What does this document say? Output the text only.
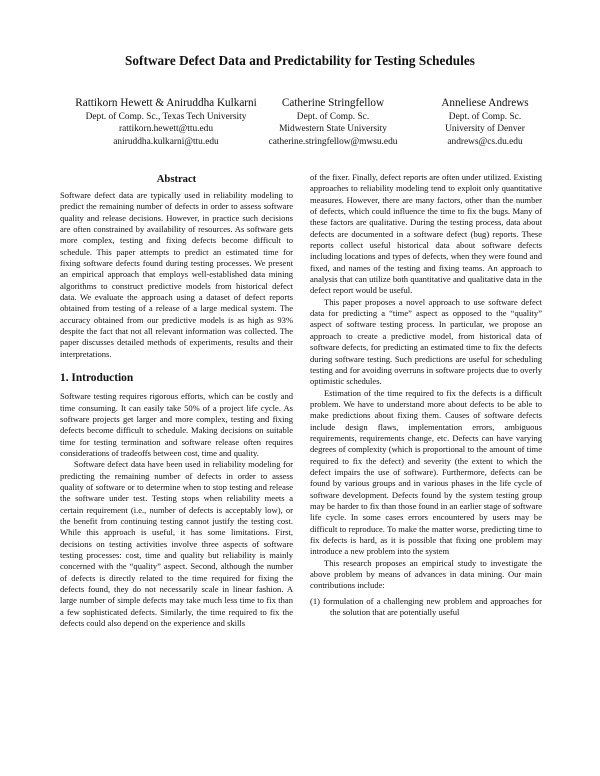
Software Defect Data and Predictability for Testing Schedules
Rattikorn Hewett & Aniruddha Kulkarni
Dept. of Comp. Sc., Texas Tech University
rattikorn.hewett@ttu.edu
aniruddha.kulkarni@ttu.edu
Catherine Stringfellow
Dept. of Comp. Sc.
Midwestern State University
catherine.stringfellow@mwsu.edu
Anneliese Andrews
Dept. of Comp. Sc.
University of Denver
andrews@cs.du.edu
Abstract

Software defect data are typically used in reliability modeling to predict the remaining number of defects in order to assess software quality and release decisions. However, in practice such decisions are often constrained by availability of resources. As software gets more complex, testing and fixing defects become difficult to schedule. This paper attempts to predict an estimated time for fixing software defects found during testing processes. We present an empirical approach that employs well-established data mining algorithms to construct predictive models from historical defect data. We evaluate the approach using a dataset of defect reports obtained from testing of a release of a large medical system. The accuracy obtained from our predictive models is as high as 93% despite the fact that not all relevant information was collected. The paper discusses detailed methods of experiments, results and their interpretations.

1. Introduction

Software testing requires rigorous efforts, which can be costly and time consuming. It can easily take 50% of a project life cycle. As software projects get larger and more complex, testing and fixing defects become difficult to schedule. Making decisions on suitable time for testing termination and software release often requires considerations of tradeoffs between cost, time and quality.

Software defect data have been used in reliability modeling for predicting the remaining number of defects in order to assess quality of software or to determine when to stop testing and release the software under test. Testing stops when reliability meets a certain requirement (i.e., number of defects is acceptably low), or the benefit from continuing testing cannot justify the testing cost. While this approach is useful, it has some limitations. First, decisions on testing activities involve three aspects of software testing processes: cost, time and quality but reliability is mainly concerned with the “quality” aspect. Second, although the number of defects is directly related to the time required for fixing the defects found, they do not necessarily scale in linear fashion. A large number of simple defects may take much less time to fix than a few sophisticated defects. Similarly, the time required to fix the defects could also depend on the experience and skills

of the fixer. Finally, defect reports are often under utilized. Existing approaches to reliability modeling tend to exploit only quantitative measures. However, there are many factors, other than the number of defects, which could influence the time to fix the bugs. Many of these factors are qualitative. During the testing process, data about defects are documented in a software defect (bug) reports. These reports collect useful historical data about software defects including locations and types of defects, when they were found and fixed, and names of the testing and fixing teams. An approach to analysis that can utilize both quantitative and qualitative data in the defect report would be useful.

This paper proposes a novel approach to use software defect data for predicting a “time” aspect as opposed to the “quality” aspect of software testing process. In particular, we propose an approach to create a predictive model, from historical data of software defects, for predicting an estimated time to fix the defects during software testing. Such predictions are useful for scheduling testing and for avoiding overruns in software projects due to overly optimistic schedules.

Estimation of the time required to fix the defects is a difficult problem. We have to understand more about defects to be able to make predictions about fixing them. Causes of software defects include design flaws, implementation errors, ambiguous requirements, requirements change, etc. Defects can have varying degrees of complexity (which is proportional to the amount of time required to fix the defect) and severity (the extent to which the defect impairs the use of software). Furthermore, defects can be found by various groups and in various phases in the life cycle of software development. Defects found by the system testing group may be harder to fix than those found in an earlier stage of software life cycle. In some cases errors encountered by users may be difficult to reproduce. To make the matter worse, predicting time to fix defects is hard, as it is possible that fixing one problem may introduce a new problem into the system

This research proposes an empirical study to investigate the above problem by means of advances in data mining. Our main contributions include:

(1) formulation of a challenging new problem and approaches for the solution that are potentially useful
